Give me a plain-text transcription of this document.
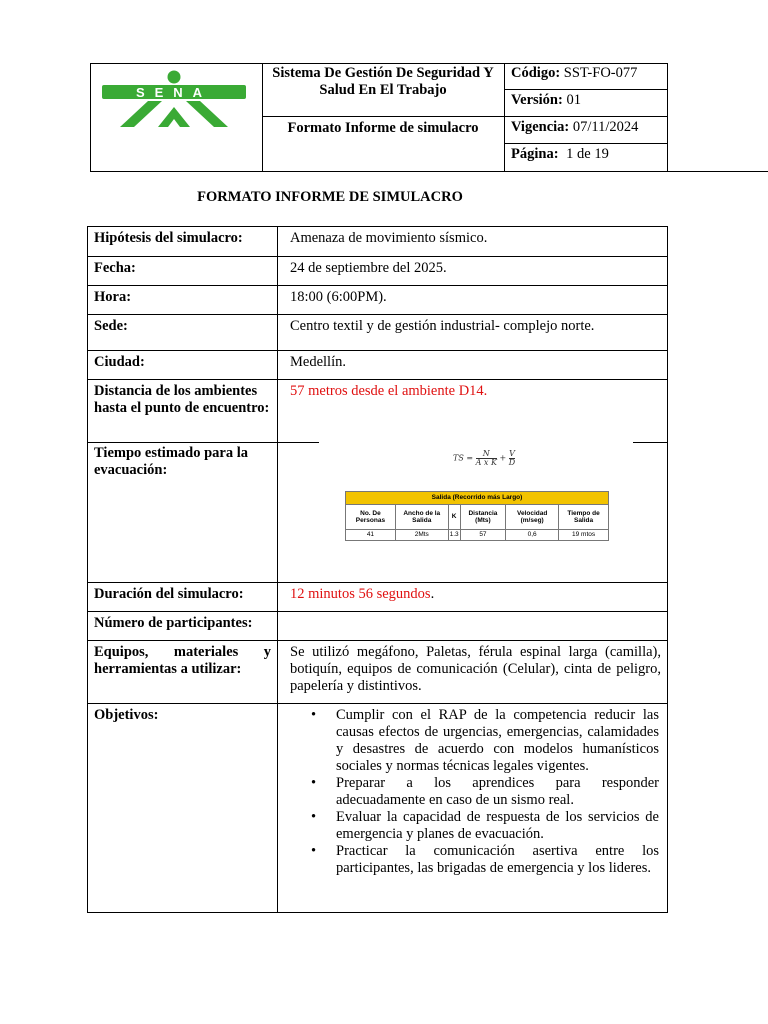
SENA
Sistema De Gestión De Seguridad Y Salud En El Trabajo
Formato Informe de simulacro
Código: SST-FO-077
Versión: 01
Vigencia: 07/11/2024
Página: 1 de 19
FORMATO INFORME DE SIMULACRO
Hipótesis del simulacro:	Amenaza de movimiento sísmico.
Fecha:	24 de septiembre del 2025.
Hora:	18:00 (6:00PM).
Sede:	Centro textil y de gestión industrial- complejo norte.
Ciudad:	Medellín.
Distancia de los ambientes hasta el punto de encuentro:
57 metros desde el ambiente D14.
Tiempo estimado para la evacuación:
TS = $\frac{N}{\text{A x K}} + \frac{V}{D}$
Salida (Recorrido más Largo)					
No. De Personas	Ancho de la Salida	K	Distancia (Mts)	Velocidad (m/seg)	Tiempo de Salida
41	2Mts	1.3	57	0,6	19 mtos
Duración del simulacro:	12 minutos 56 segundos.
Número de participantes:
Equipos, materiales y
herramientas a utilizar:
Se utilizó megáfono, Paletas, férula espinal larga (camilla), botiquín, equipos de comunicación (Celular), cinta de peligro, papelería y distintivos.
Objetivos:	• Cumplir con el RAP de la competencia reducir las causas efectos de urgencias, emergencias, calamidades y desastres de acuerdo con modelos humanísticos sociales y normas técnicas legales vigentes.
• Preparar a los aprendices para responder adecuadamente en caso de un sismo real.
• Evaluar la capacidad de respuesta de los servicios de emergencia y planes de evacuación.
• Practicar la comunicación asertiva entre los participantes, las brigadas de emergencia y los lideres.
